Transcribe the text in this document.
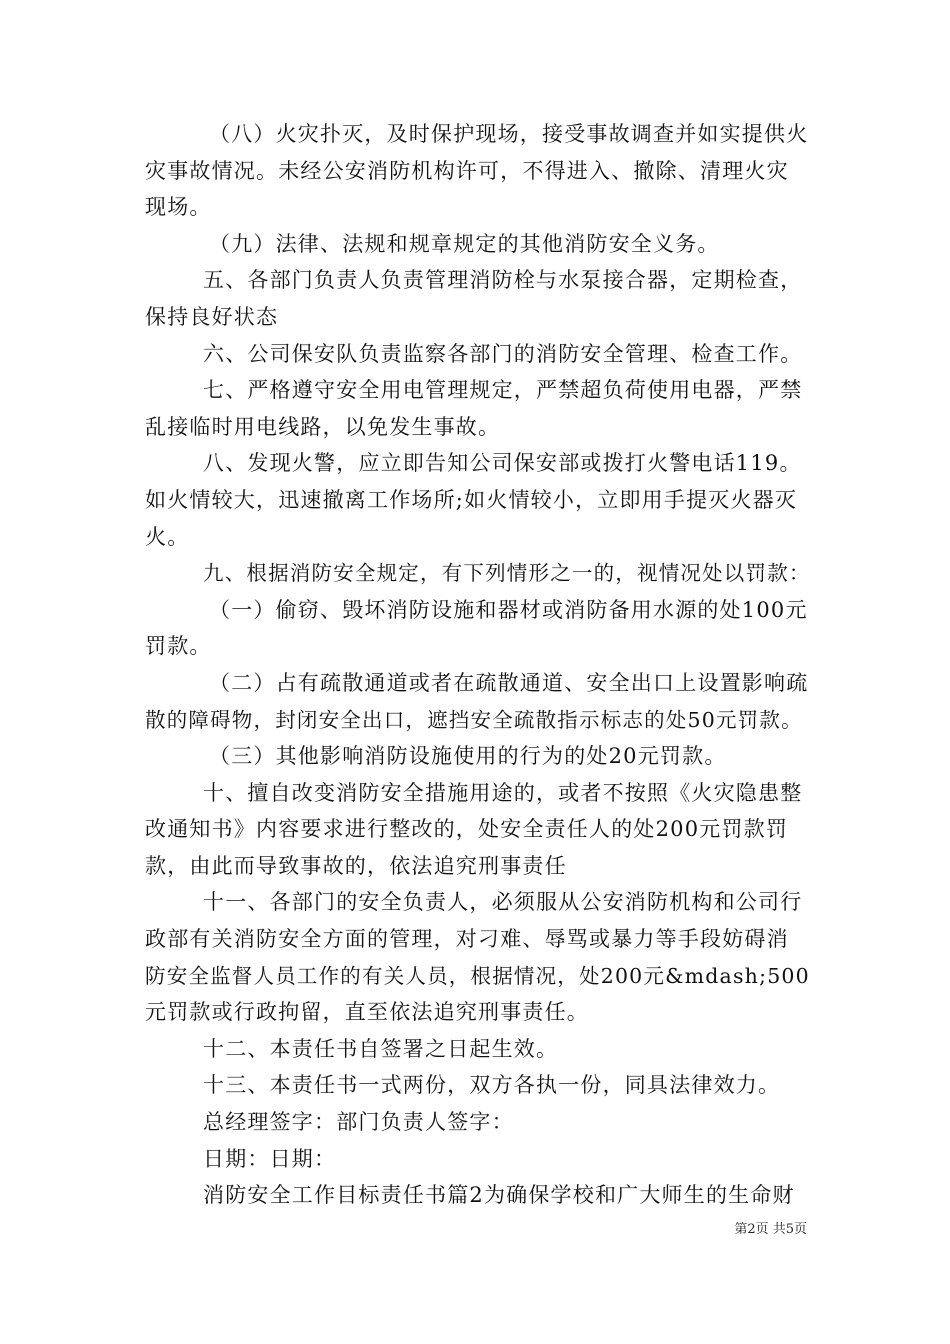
（八）火灾扑灭，及时保护现场，接受事故调查并如实提供火
灾事故情况。未经公安消防机构许可，不得进入、撤除、清理火灾
现场。
（九）法律、法规和规章规定的其他消防安全义务。
五、各部门负责人负责管理消防栓与水泵接合器，定期检查，
保持良好状态
六、公司保安队负责监察各部门的消防安全管理、检查工作。
七、严格遵守安全用电管理规定，严禁超负荷使用电器，严禁
乱接临时用电线路，以免发生事故。
八、发现火警，应立即告知公司保安部或拨打火警电话119。
如火情较大，迅速撤离工作场所;如火情较小，立即用手提灭火器灭
火。
九、根据消防安全规定，有下列情形之一的，视情况处以罚款：
（一）偷窃、毁坏消防设施和器材或消防备用水源的处100元
罚款。
（二）占有疏散通道或者在疏散通道、安全出口上设置影响疏
散的障碍物，封闭安全出口，遮挡安全疏散指示标志的处50元罚款。
（三）其他影响消防设施使用的行为的处20元罚款。
十、擅自改变消防安全措施用途的，或者不按照《火灾隐患整
改通知书》内容要求进行整改的，处安全责任人的处200元罚款罚
款，由此而导致事故的，依法追究刑事责任
十一、各部门的安全负责人，必须服从公安消防机构和公司行
政部有关消防安全方面的管理，对刁难、辱骂或暴力等手段妨碍消
防安全监督人员工作的有关人员，根据情况，处200元&mdash;500
元罚款或行政拘留，直至依法追究刑事责任。
十二、本责任书自签署之日起生效。
十三、本责任书一式两份，双方各执一份，同具法律效力。
总经理签字：部门负责人签字：
日期：日期：
消防安全工作目标责任书篇2为确保学校和广大师生的生命财
第2页 共5页
